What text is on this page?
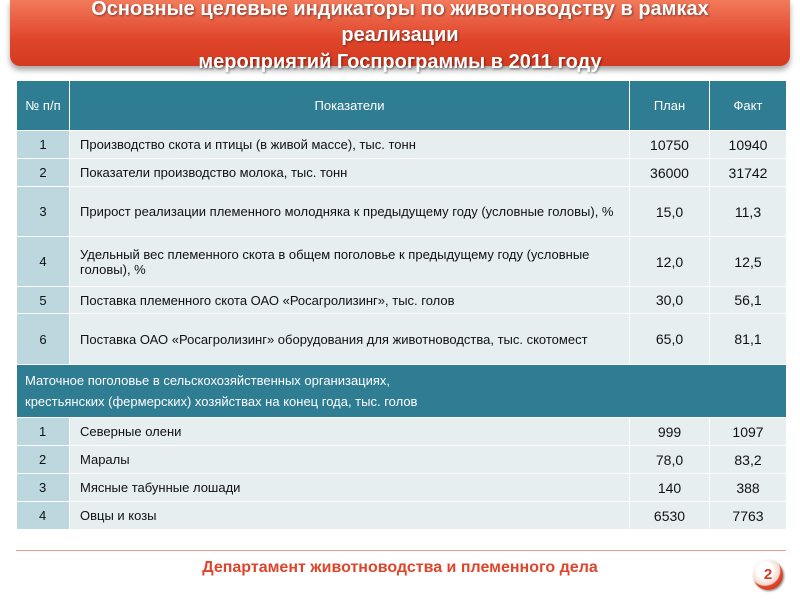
Основные целевые индикаторы по животноводству в рамках
реализации
мероприятий Госпрограммы в 2011 году
№ п/п	Показатели	План	Факт
1	Производство скота и птицы (в живой массе), тыс. тонн	10750	10940
2	Показатели производство молока, тыс. тонн	36000	31742
3	Прирост реализации племенного молодняка к предыдущему году (условные головы), %	15,0	11,3
4	Удельный вес племенного скота в общем поголовье к предыдущему году (условные головы), %	12,0	12,5
5	Поставка племенного скота ОАО «Росагролизинг», тыс. голов	30,0	56,1
6	Поставка ОАО «Росагролизинг» оборудования для животноводства, тыс. скотомест	65,0	81,1

Маточное поголовье в сельскохозяйственных организациях,
крестьянских (фермерских) хозяйствах на конец года, тыс. голов			

1	Северные олени	999	1097
2	Маралы	78,0	83,2
3	Мясные табунные лошади	140	388
4	Овцы и козы	6530	7763
Департамент животноводства и племенного дела	2
